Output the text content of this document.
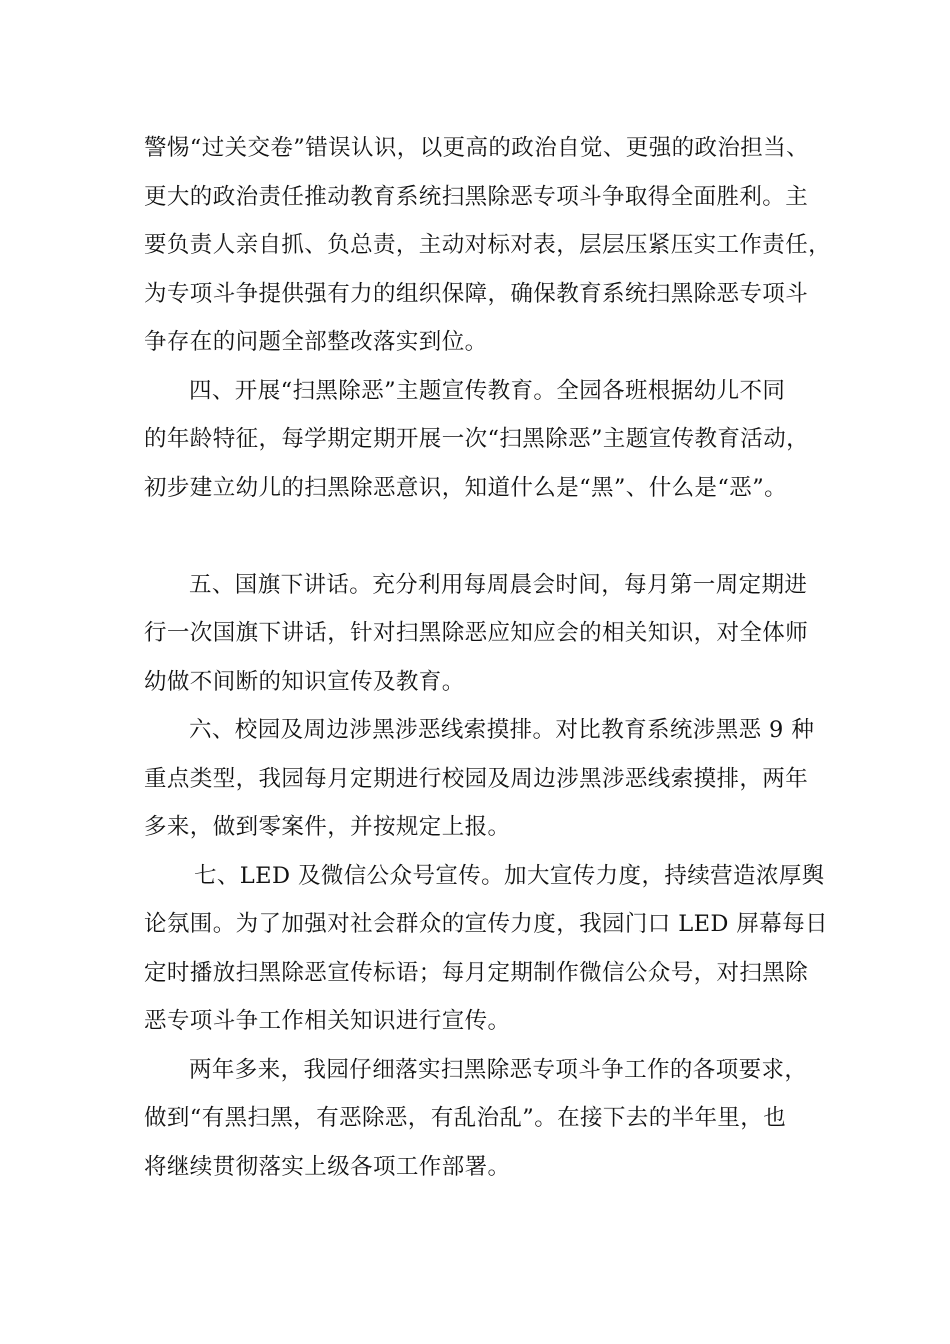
警惕“过关交卷”错误认识，以更高的政治自觉、更强的政治担当、
更大的政治责任推动教育系统扫黑除恶专项斗争取得全面胜利。主
要负责人亲自抓、负总责，主动对标对表，层层压紧压实工作责任，
为专项斗争提供强有力的组织保障，确保教育系统扫黑除恶专项斗
争存在的问题全部整改落实到位。
四、开展“扫黑除恶”主题宣传教育。全园各班根据幼儿不同
的年龄特征，每学期定期开展一次“扫黑除恶”主题宣传教育活动，
初步建立幼儿的扫黑除恶意识，知道什么是“黑”、什么是“恶”。
五、国旗下讲话。充分利用每周晨会时间，每月第一周定期进
行一次国旗下讲话，针对扫黑除恶应知应会的相关知识，对全体师
幼做不间断的知识宣传及教育。
六、校园及周边涉黑涉恶线索摸排。对比教育系统涉黑恶 9 种
重点类型，我园每月定期进行校园及周边涉黑涉恶线索摸排，两年
多来，做到零案件，并按规定上报。
七、LED 及微信公众号宣传。加大宣传力度，持续营造浓厚舆
论氛围。为了加强对社会群众的宣传力度，我园门口 LED 屏幕每日
定时播放扫黑除恶宣传标语；每月定期制作微信公众号，对扫黑除
恶专项斗争工作相关知识进行宣传。
两年多来，我园仔细落实扫黑除恶专项斗争工作的各项要求，
做到“有黑扫黑，有恶除恶，有乱治乱”。在接下去的半年里，也
将继续贯彻落实上级各项工作部署。
